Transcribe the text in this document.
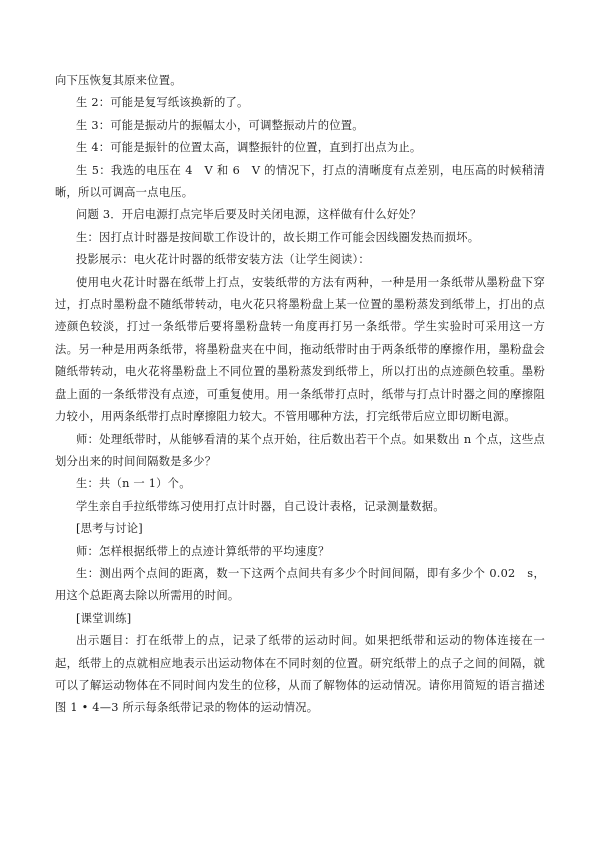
向下压恢复其原来位置。

生 2：可能是复写纸该换新的了。

生 3：可能是振动片的振幅太小，可调整振动片的位置。

生 4：可能是振针的位置太高，调整振针的位置，直到打出点为止。

生 5：我选的电压在 4　V 和 6　V 的情况下，打点的清晰度有点差别，电压高的时候稍清晰，所以可调高一点电压。

问题 3．开启电源打点完毕后要及时关闭电源，这样做有什么好处？

生：因打点计时器是按间歇工作设计的，故长期工作可能会因线圈发热而损坏。

投影展示：电火花计时器的纸带安装方法（让学生阅读）：

使用电火花计时器在纸带上打点，安装纸带的方法有两种，一种是用一条纸带从墨粉盘下穿过，打点时墨粉盘不随纸带转动，电火花只将墨粉盘上某一位置的墨粉蒸发到纸带上，打出的点迹颜色较淡，打过一条纸带后要将墨粉盘转一角度再打另一条纸带。学生实验时可采用这一方法。另一种是用两条纸带，将墨粉盘夹在中间，拖动纸带时由于两条纸带的摩擦作用，墨粉盘会随纸带转动，电火花将墨粉盘上不同位置的墨粉蒸发到纸带上，所以打出的点迹颜色较重。墨粉盘上面的一条纸带没有点迹，可重复使用。用一条纸带打点时，纸带与打点计时器之间的摩擦阻力较小，用两条纸带打点时摩擦阻力较大。不管用哪种方法，打完纸带后应立即切断电源。

师：处理纸带时，从能够看清的某个点开始，往后数出若干个点。如果数出 n 个点，这些点划分出来的时间间隔数是多少？

生：共（n 一 1）个。

学生亲自手拉纸带练习使用打点计时器，自己设计表格，记录测量数据。

[思考与讨论]

师：怎样根据纸带上的点迹计算纸带的平均速度？

生：测出两个点间的距离，数一下这两个点间共有多少个时间间隔，即有多少个 0.02　s，用这个总距离去除以所需用的时间。

[课堂训练]

出示题目：打在纸带上的点，记录了纸带的运动时间。如果把纸带和运动的物体连接在一起，纸带上的点就相应地表示出运动物体在不同时刻的位置。研究纸带上的点子之间的间隔，就可以了解运动物体在不同时间内发生的位移，从而了解物体的运动情况。请你用简短的语言描述图 1 • 4—3 所示每条纸带记录的物体的运动情况。
